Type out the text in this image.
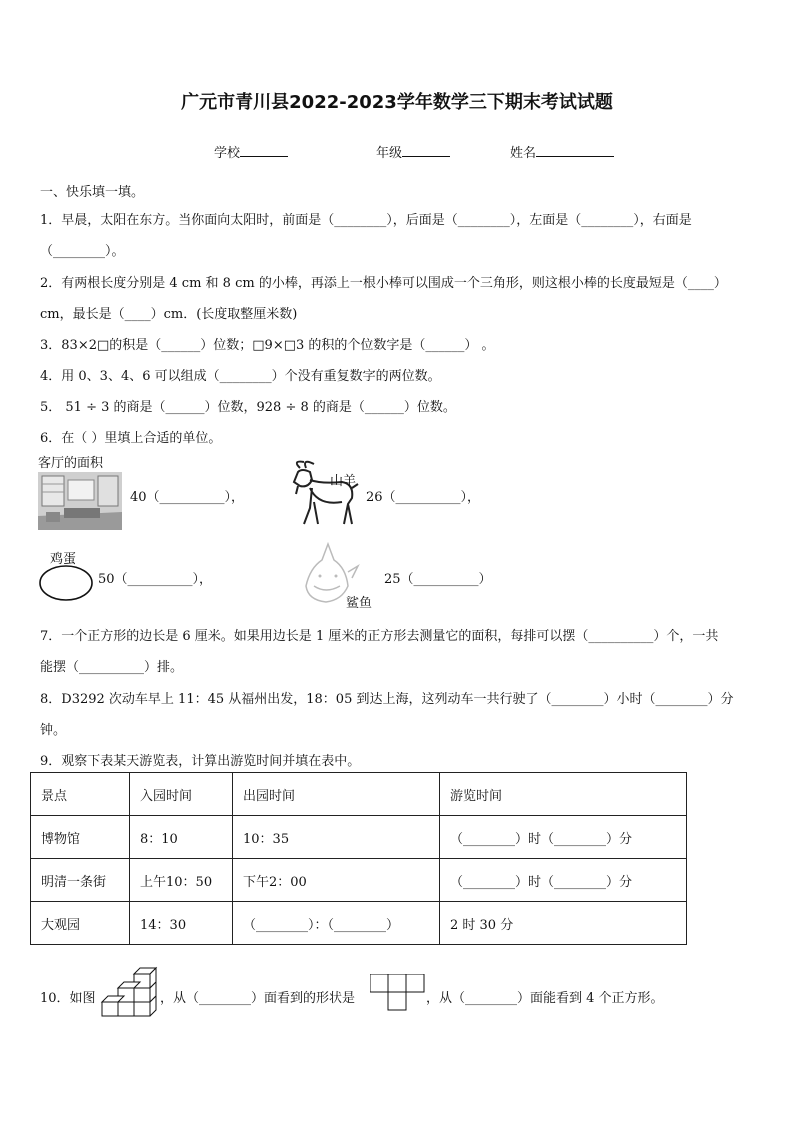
广元市青川县2022-2023学年数学三下期末考试试题
学校	年级	姓名
一、快乐填一填。
1．早晨，太阳在东方。当你面向太阳时，前面是（________），后面是（________），左面是（________），右面是
（________）。
2．有两根长度分别是 4 cm 和 8 cm 的小棒，再添上一根小棒可以围成一个三角形，则这根小棒的长度最短是（____）
cm，最长是（____）cm．(长度取整厘米数)
3．83×2□的积是（______）位数；□9×□3 的积的个位数字是（______） 。
4．用 0、3、4、6 可以组成（________）个没有重复数字的两位数。
5． 51 ÷ 3 的商是（______）位数，928 ÷ 8 的商是（______）位数。
6．在（ ）里填上合适的单位。
客厅的面积
40（__________），
山羊
26（__________），
鸡蛋
50（__________），
鲨鱼
25（__________）
7．一个正方形的边长是 6 厘米。如果用边长是 1 厘米的正方形去测量它的面积，每排可以摆（__________）个，一共
能摆（__________）排。
8．D3292 次动车早上 11：45 从福州出发，18：05 到达上海，这列动车一共行驶了（________）小时（________）分
钟。
9．观察下表某天游览表，计算出游览时间并填在表中。
景点	入园时间	出园时间	游览时间
博物馆	8：10	10：35	（________）时（________）分
明清一条街	上午10：50	下午2：00	（________）时（________）分
大观园	14：30	（________）：（________）	2 时 30 分
10．如图	，从（________）面看到的形状是	，从（________）面能看到 4 个正方形。
